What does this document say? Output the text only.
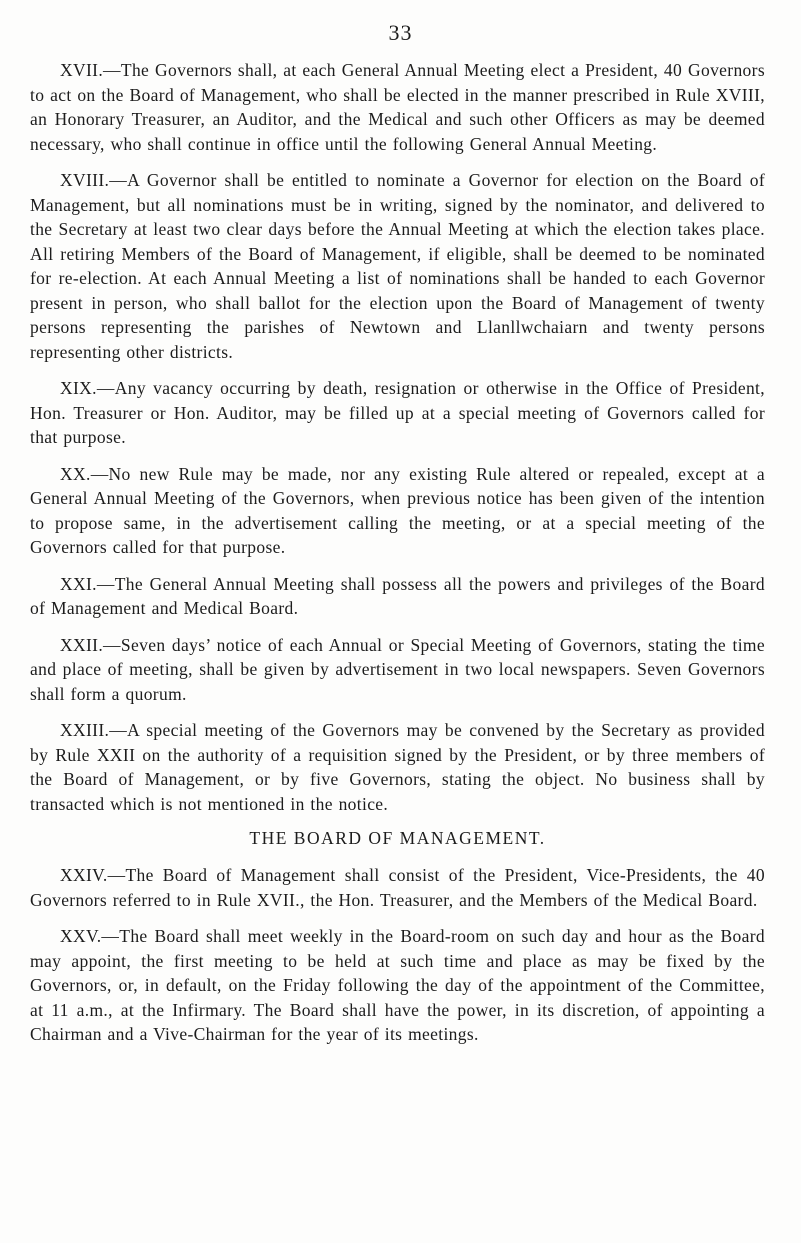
33

XVII.—The Governors shall, at each General Annual Meeting elect a President, 40 Governors to act on the Board of Management, who shall be elected in the manner prescribed in Rule XVIII, an Honorary Treasurer, an Auditor, and the Medical and such other Officers as may be deemed necessary, who shall continue in office until the following General Annual Meeting.

XVIII.—A Governor shall be entitled to nominate a Governor for election on the Board of Management, but all nominations must be in writing, signed by the nominator, and delivered to the Secretary at least two clear days before the Annual Meeting at which the election takes place. All retiring Members of the Board of Management, if eligible, shall be deemed to be nominated for re-election. At each Annual Meeting a list of nominations shall be handed to each Governor present in person, who shall ballot for the election upon the Board of Management of twenty persons representing the parishes of Newtown and Llanllwchaiarn and twenty persons representing other districts.

XIX.—Any vacancy occurring by death, resignation or otherwise in the Office of President, Hon. Treasurer or Hon. Auditor, may be filled up at a special meeting of Governors called for that purpose.

XX.—No new Rule may be made, nor any existing Rule altered or repealed, except at a General Annual Meeting of the Governors, when previous notice has been given of the intention to propose same, in the advertisement calling the meeting, or at a special meeting of the Governors called for that purpose.

XXI.—The General Annual Meeting shall possess all the powers and privileges of the Board of Management and Medical Board.

XXII.—Seven days’ notice of each Annual or Special Meeting of Governors, stating the time and place of meeting, shall be given by advertisement in two local newspapers. Seven Governors shall form a quorum.

XXIII.—A special meeting of the Governors may be convened by the Secretary as provided by Rule XXII on the authority of a requisition signed by the President, or by three members of the Board of Management, or by five Governors, stating the object. No business shall by transacted which is not mentioned in the notice.

THE BOARD OF MANAGEMENT.

XXIV.—The Board of Management shall consist of the President, Vice-Presidents, the 40 Governors referred to in Rule XVII., the Hon. Treasurer, and the Members of the Medical Board.

XXV.—The Board shall meet weekly in the Board-room on such day and hour as the Board may appoint, the first meeting to be held at such time and place as may be fixed by the Governors, or, in default, on the Friday following the day of the appointment of the Committee, at 11 a.m., at the Infirmary. The Board shall have the power, in its discretion, of appointing a Chairman and a Vive-Chairman for the year of its meetings.
